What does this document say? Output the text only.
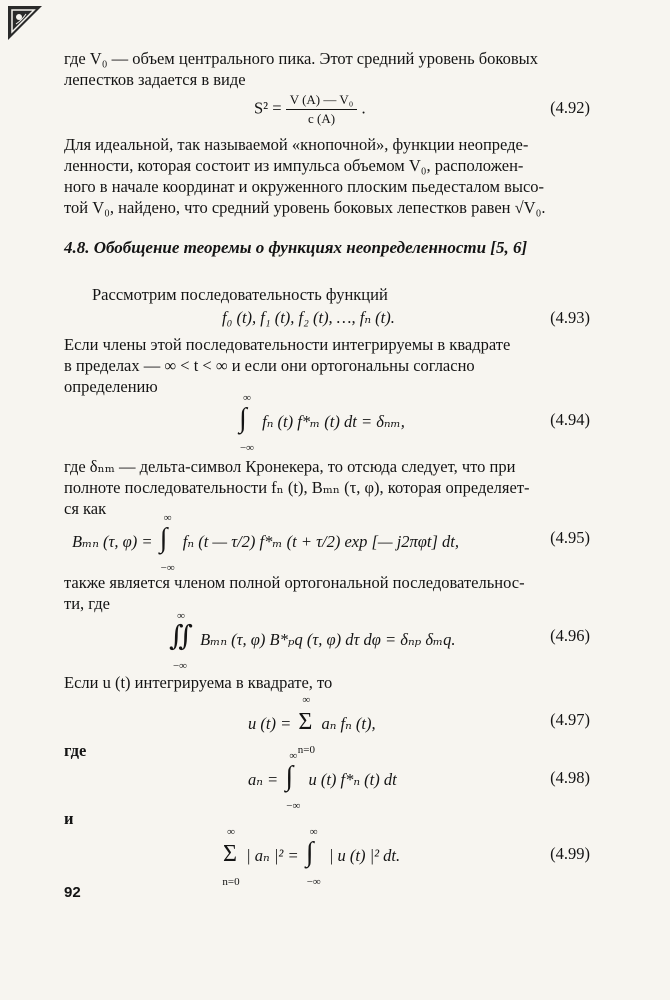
где V₀ — объем центрального пика. Этот средний уровень боковых
лепестков задается в виде
$S^2 = \frac{\text{V (A) — V₀}}{c (A)}$ .	(4.92)
Для идеальной, так называемой «кнопочной», функции неопреде-
ленности, которая состоит из импульса объемом V₀, расположен-
ного в начале координат и окруженного плоским пьедесталом высо-
той V₀, найдено, что средний уровень боковых лепестков равен √V₀.
4.8. Обобщение теоремы о функциях неопределенности [5, 6]
Рассмотрим последовательность функций
f₀ (t), f₁ (t), f₂ (t), …, fₙ (t).	(4.93)
Если члены этой последовательности интегрируемы в квадрате
в пределах — ∞ < t < ∞ и если они ортогональны согласно
определению
∞
∫
−∞
fₙ (t) f*ₘ (t) dt = δₙₘ,	(4.94)
где δₙₘ — дельта-символ Кронекера, то отсюда следует, что при
полноте последовательности fₙ (t), Bₘₙ (τ, φ), которая определяет-
ся как
Bₘₙ (τ, φ) =
∞
∫
−∞
fₙ (t — τ/2) f*ₘ (t + τ/2) exp [— j2πφt] dt,	(4.95)
также является членом полной ортогональной последовательнос-
ти, где
∞
∬
−∞
Bₘₙ (τ, φ) B*ₚq (τ, φ) dτ dφ = δₙₚ δₘq.	(4.96)
Если u (t) интегрируема в квадрате, то
u (t) =
∞
Σ
n=0
aₙ fₙ (t),	(4.97)
где
aₙ =
∞
∫
−∞
u (t) f*ₙ (t) dt	(4.98)
и
∞
Σ
n=0
| aₙ |² =
∞
∫
−∞
| u (t) |² dt.	(4.99)
92
